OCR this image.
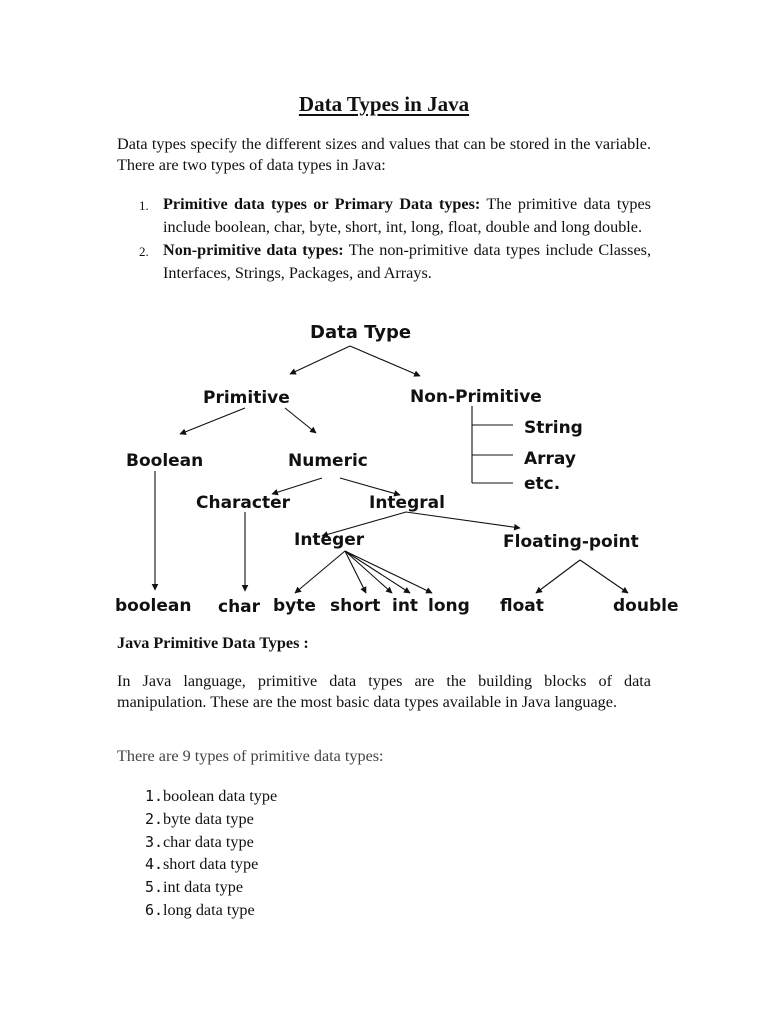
Data Types in Java

Data types specify the different sizes and values that can be stored in the variable. There are two types of data types in Java:

1. Primitive data types or Primary Data types: The primitive data types include boolean, char, byte, short, int, long, float, double and long double.
2. Non-primitive data types: The non-primitive data types include Classes, Interfaces, Strings, Packages, and Arrays.
Data Type
Primitive	Non-Primitive
String
Array
etc.
Boolean	Numeric
Character	Integral
Integer	Floating-point
boolean char byte short int long float	double
Java Primitive Data Types :

In Java language, primitive data types are the building blocks of data manipulation. These are the most basic data types available in Java language.

There are 9 types of primitive data types:
1.boolean data type
2.byte data type
3.char data type
4.short data type
5.int data type
6.long data type
